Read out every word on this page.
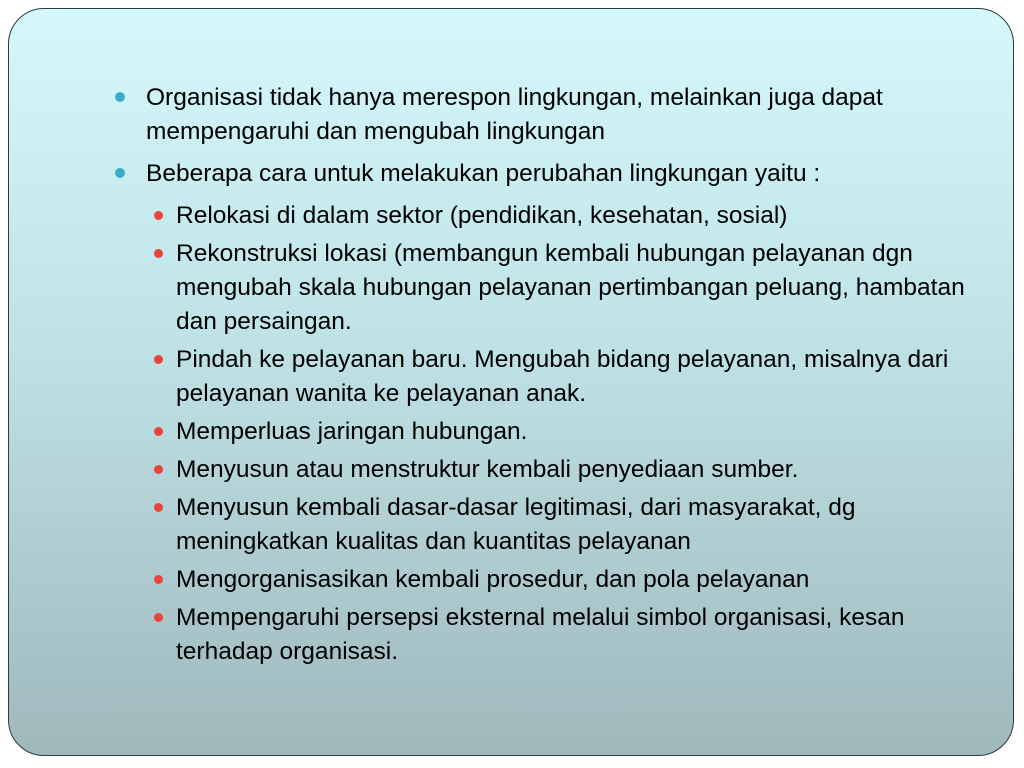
Organisasi tidak hanya merespon lingkungan, melainkan juga dapat mempengaruhi dan mengubah lingkungan
Beberapa cara untuk melakukan perubahan lingkungan yaitu :
Relokasi di dalam sektor (pendidikan, kesehatan, sosial)
Rekonstruksi lokasi (membangun kembali hubungan pelayanan dgn mengubah skala hubungan pelayanan pertimbangan peluang, hambatan dan persaingan.
Pindah ke pelayanan baru. Mengubah bidang pelayanan, misalnya dari pelayanan wanita ke pelayanan anak.
Memperluas jaringan hubungan.
Menyusun atau menstruktur kembali penyediaan sumber.
Menyusun kembali dasar-dasar legitimasi, dari masyarakat, dg meningkatkan kualitas dan kuantitas pelayanan
Mengorganisasikan kembali prosedur, dan pola pelayanan
Mempengaruhi persepsi eksternal melalui simbol organisasi, kesan terhadap organisasi.
